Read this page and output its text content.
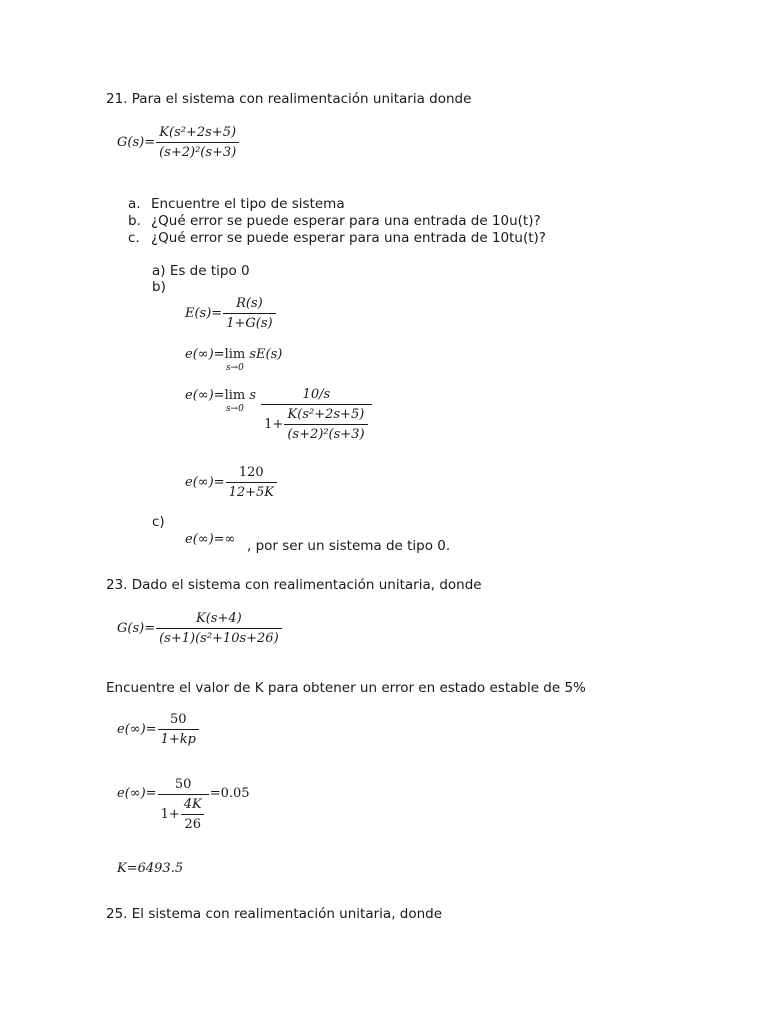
21. Para el sistema con realimentación unitaria donde
$G(s)= \frac{\text{K(s²+2s+5)}}{\text{(s+2)²(s+3)}}$
a. Encuentre el tipo de sistema
b. ¿Qué error se puede esperar para una entrada de 10u(t)?
c. ¿Qué error se puede esperar para una entrada de 10tu(t)?
a) Es de tipo 0
b)
$E(s)= \frac{R(s)}{1+G(s)}$
e(∞)= lim
s→0
sE(s)
e(∞)= lim
s→0
s $\frac{10/s}{1+ \frac{\text{K(s²+2s+5)}}{\text{(s+2)²(s+3)}}}$
$e(\infty)= \frac{120}{12+5K}$
c)
e(∞)=∞ , por ser un sistema de tipo 0.
23. Dado el sistema con realimentación unitaria, donde
$G(s)= \frac{K(s+4)}{\text{(s+1)(s²+10s+26)}}$
Encuentre el valor de K para obtener un error en estado estable de 5%
$e(\infty)= \frac{50}{1+kp}$
$e(\infty)= \frac{50}{1+ \frac{4K}{26}} =0.05$
K=6493.5
25. El sistema con realimentación unitaria, donde
